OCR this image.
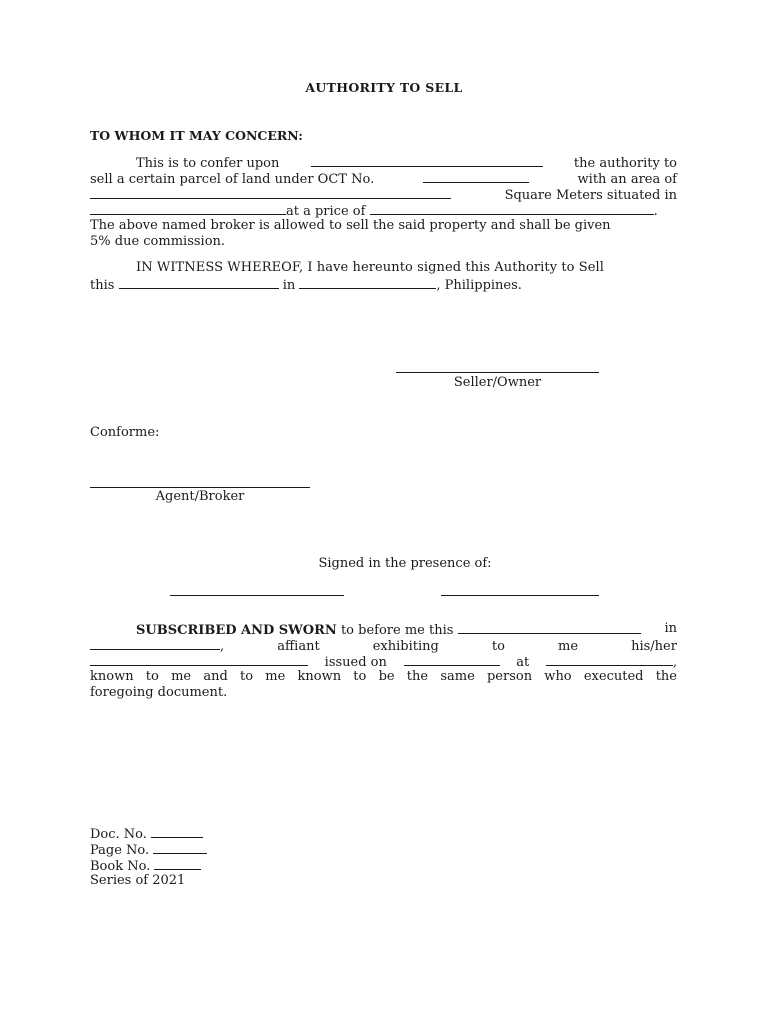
AUTHORITY TO SELL
TO WHOM IT MAY CONCERN:
This is to confer upon	the authority to
sell a certain parcel of land under OCT No.	with an area of
Square Meters situated in
at a price of	.
The above named broker is allowed to sell the said property and shall be given
5% due commission.
IN WITNESS WHEREOF, I have hereunto signed this Authority to Sell
this	in	, Philippines.
Seller/Owner
Conforme:
Agent/Broker
Signed in the presence of:
SUBSCRIBED AND SWORN to before me this	in
,	affiant	exhibiting	to	me	his/her
issued on	at	,
known to me and to me known to be the same person who executed the
foregoing document.
Doc. No.
Page No.
Book No.
Series of 2021
